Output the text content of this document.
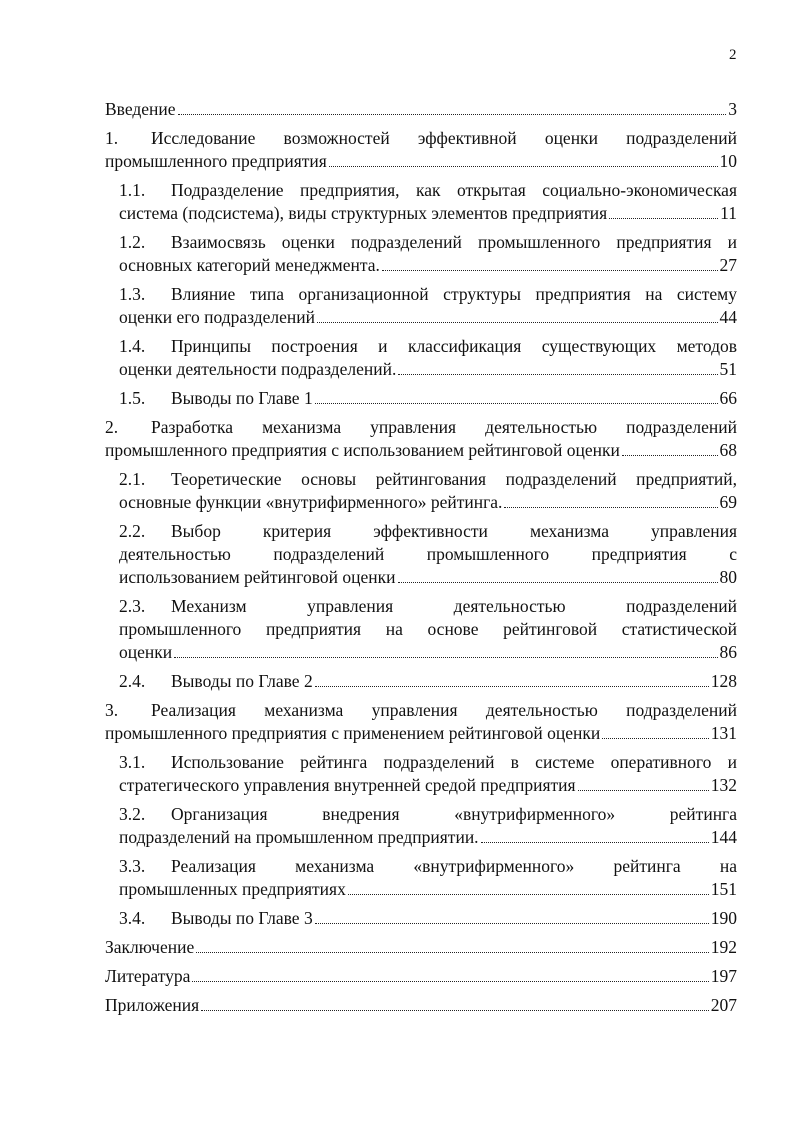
2
Введение	3
1. Исследование возможностей эффективной оценки подразделений
промышленного предприятия	10
1.1. Подразделение предприятия, как открытая социально-экономическая
система (подсистема), виды структурных элементов предприятия	11
1.2. Взаимосвязь оценки подразделений промышленного предприятия и
основных категорий менеджмента.	27
1.3. Влияние типа организационной структуры предприятия на систему
оценки его подразделений	44
1.4. Принципы построения и классификация существующих методов
оценки деятельности подразделений.	51
1.5. Выводы по Главе 1	66
2. Разработка механизма управления деятельностью подразделений
промышленного предприятия с использованием рейтинговой оценки	68
2.1. Теоретические основы рейтингования подразделений предприятий,
основные функции «внутрифирменного» рейтинга.	69
2.2. Выбор критерия эффективности механизма управления
деятельностью подразделений промышленного предприятия с
использованием рейтинговой оценки	80
2.3. Механизм управления деятельностью подразделений
промышленного предприятия на основе рейтинговой статистической
оценки	86
2.4. Выводы по Главе 2	128
3. Реализация механизма управления деятельностью подразделений
промышленного предприятия с применением рейтинговой оценки	131
3.1. Использование рейтинга подразделений в системе оперативного и
стратегического управления внутренней средой предприятия	132
3.2. Организация внедрения «внутрифирменного» рейтинга
подразделений на промышленном предприятии.	144
3.3. Реализация механизма «внутрифирменного» рейтинга на
промышленных предприятиях	151
3.4. Выводы по Главе 3	190
Заключение	192
Литература	197
Приложения	207
